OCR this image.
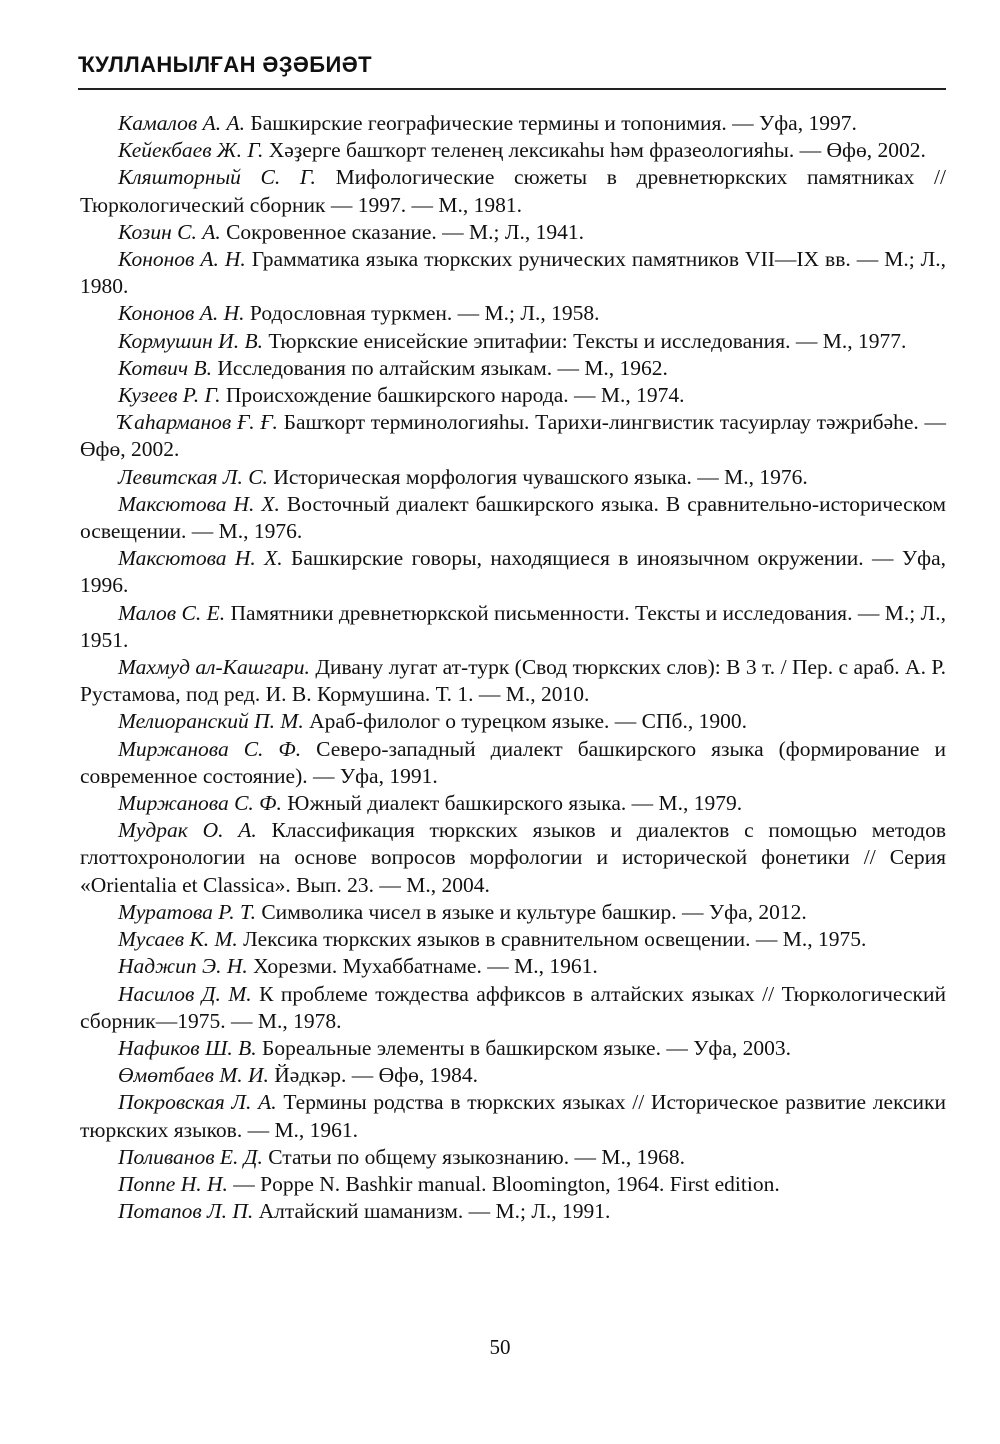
ҠУЛЛАНЫЛҒАН ӘҘӘБИӘТ

Камалов А. А. Башкирские географические термины и топонимия. — Уфа, 1997.

Кейекбаев Ж. Г. Хәҙерге башҡорт теленең лексикаһы һәм фразеологияһы. — Өфө, 2002.

Кляшторный С. Г. Мифологические сюжеты в древнетюркских памятниках // Тюркологический сборник — 1997. — М., 1981.

Козин С. А. Сокровенное сказание. — М.; Л., 1941.

Кононов А. Н. Грамматика языка тюркских рунических памятников VII—IX вв. — М.; Л., 1980.

Кононов А. Н. Родословная туркмен. — М.; Л., 1958.

Кормушин И. В. Тюркские енисейские эпитафии: Тексты и исследования. — М., 1977.

Котвич В. Исследования по алтайским языкам. — М., 1962.

Кузеев Р. Г. Происхождение башкирского народа. — М., 1974.

Ҡаһарманов Ғ. Ғ. Башҡорт терминологияһы. Тарихи-лингвистик тасуирлау тәжрибәһе. — Өфө, 2002.

Левитская Л. С. Историческая морфология чувашского языка. — М., 1976.

Максютова Н. Х. Восточный диалект башкирского языка. В сравнительно-историческом освещении. — М., 1976.

Максютова Н. Х. Башкирские говоры, находящиеся в иноязычном окружении. — Уфа, 1996.

Малов С. Е. Памятники древнетюркской письменности. Тексты и исследования. — М.; Л., 1951.

Махмуд ал-Кашгари. Дивану лугат ат-турк (Свод тюркских слов): В 3 т. / Пер. с араб. А. Р. Рустамова, под ред. И. В. Кормушина. Т. 1. — М., 2010.

Мелиоранский П. М. Араб-филолог о турецком языке. — СПб., 1900.

Миржанова С. Ф. Северо-западный диалект башкирского языка (формирование и современное состояние). — Уфа, 1991.

Миржанова С. Ф. Южный диалект башкирского языка. — М., 1979.

Мудрак О. А. Классификация тюркских языков и диалектов с помощью методов глоттохронологии на основе вопросов морфологии и исторической фонетики // Серия «Orientalia et Classica». Вып. 23. — М., 2004.

Муратова Р. Т. Символика чисел в языке и культуре башкир. — Уфа, 2012.

Мусаев К. М. Лексика тюркских языков в сравнительном освещении. — М., 1975.

Наджип Э. Н. Хорезми. Мухаббатнаме. — М., 1961.

Насилов Д. М. К проблеме тождества аффиксов в алтайских языках // Тюркологический сборник—1975. — М., 1978.

Нафиков Ш. В. Бореальные элементы в башкирском языке. — Уфа, 2003.

Өмөтбаев М. И. Йәдкәр. — Өфө, 1984.

Покровская Л. А. Термины родства в тюркских языках // Историческое развитие лексики тюркских языков. — М., 1961.

Поливанов Е. Д. Статьи по общему языкознанию. — М., 1968.

Поппе Н. Н. — Poppe N. Bashkir manual. Bloomington, 1964. First edition.

Потапов Л. П. Алтайский шаманизм. — М.; Л., 1991.

50
